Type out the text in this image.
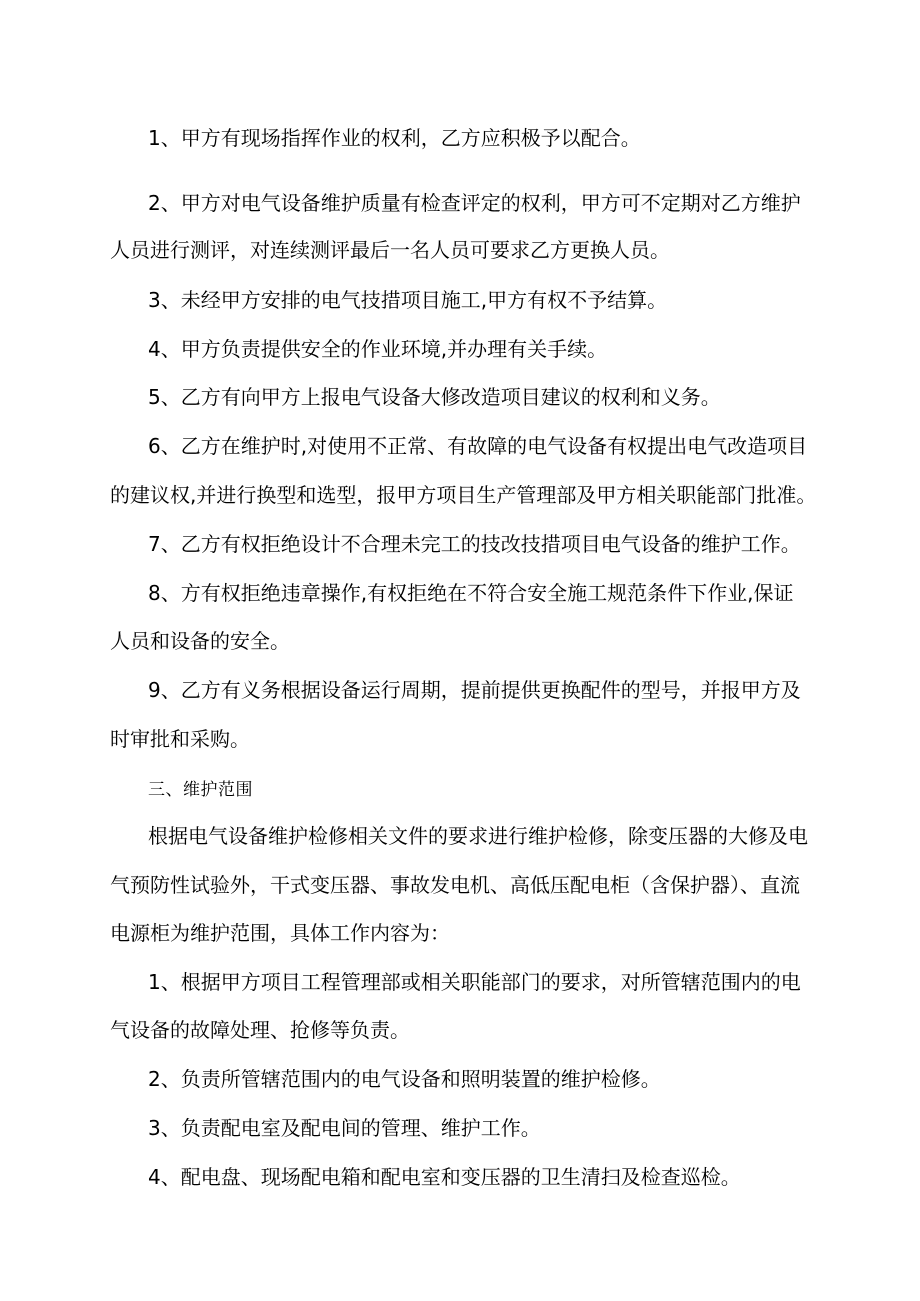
1、甲方有现场指挥作业的权利，乙方应积极予以配合。
2、甲方对电气设备维护质量有检查评定的权利，甲方可不定期对乙方维护
人员进行测评，对连续测评最后一名人员可要求乙方更换人员。
3、未经甲方安排的电气技措项目施工,甲方有权不予结算。
4、甲方负责提供安全的作业环境,并办理有关手续。
5、乙方有向甲方上报电气设备大修改造项目建议的权利和义务。
6、乙方在维护时,对使用不正常、有故障的电气设备有权提出电气改造项目
的建议权,并进行换型和选型，报甲方项目生产管理部及甲方相关职能部门批准。
7、乙方有权拒绝设计不合理未完工的技改技措项目电气设备的维护工作。
8、方有权拒绝违章操作,有权拒绝在不符合安全施工规范条件下作业,保证
人员和设备的安全。
9、乙方有义务根据设备运行周期，提前提供更换配件的型号，并报甲方及
时审批和采购。
三、维护范围
根据电气设备维护检修相关文件的要求进行维护检修，除变压器的大修及电
气预防性试验外，干式变压器、事故发电机、高低压配电柜（含保护器）、直流
电源柜为维护范围，具体工作内容为：
1、根据甲方项目工程管理部或相关职能部门的要求，对所管辖范围内的电
气设备的故障处理、抢修等负责。
2、负责所管辖范围内的电气设备和照明装置的维护检修。
3、负责配电室及配电间的管理、维护工作。
4、配电盘、现场配电箱和配电室和变压器的卫生清扫及检查巡检。
